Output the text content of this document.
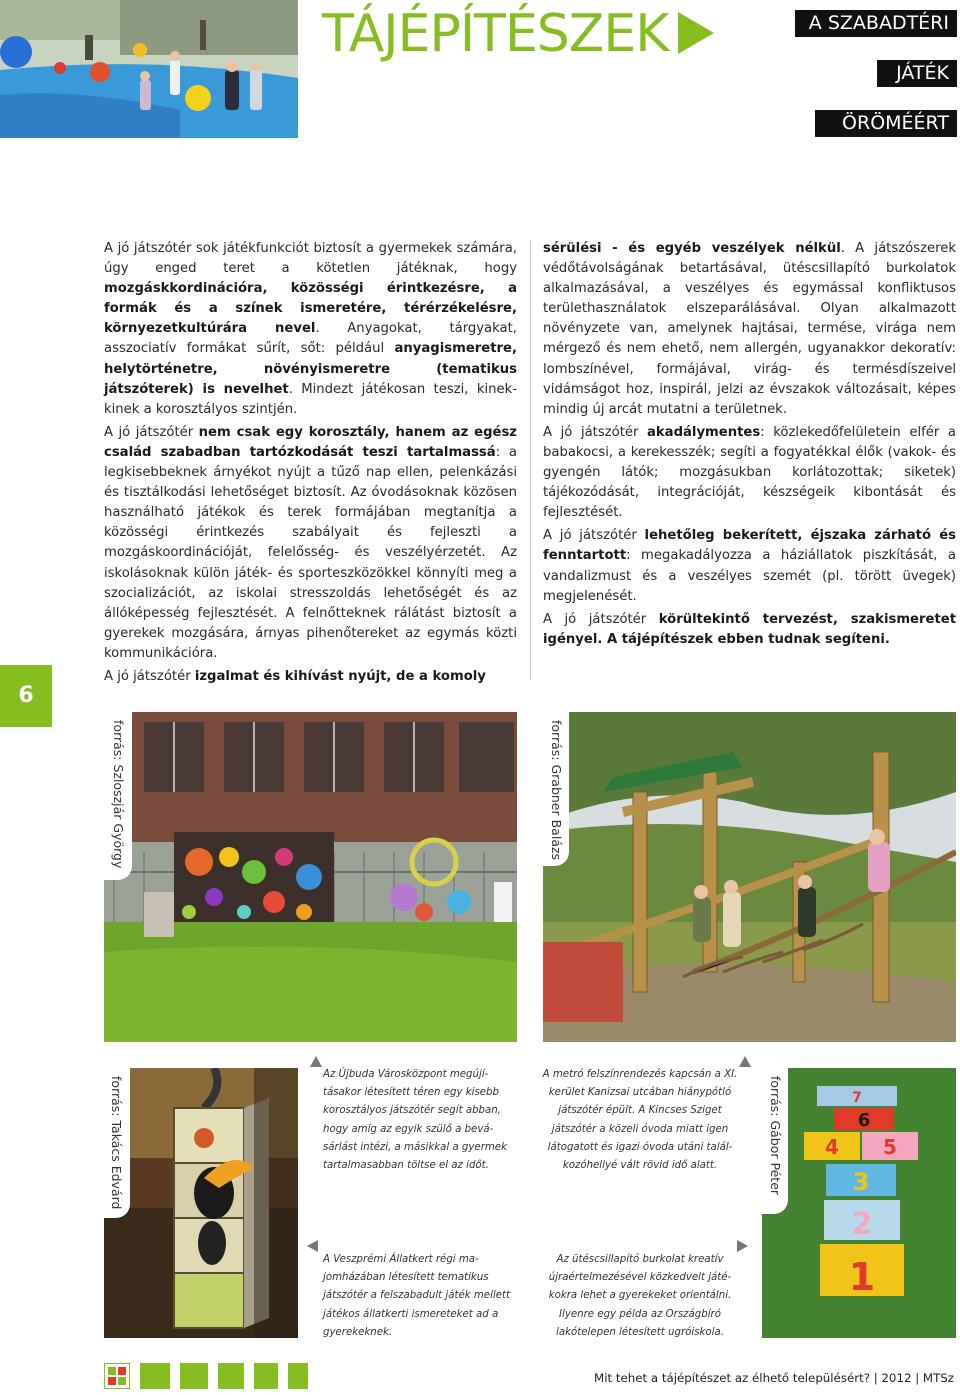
TÁJÉPÍTÉSZEK	A SZABADTÉRI
JÁTÉK
ÖRÖMÉÉRT
6

A jó játszótér sok játékfunkciót biztosít a gyermekek számára, úgy enged teret a kötetlen játéknak, hogy mozgáskkordinációra, közösségi érintkezésre, a formák és a színek ismeretére, térérzékelésre, környezetkultúrára nevel. Anyagokat, tárgyakat, asszociatív formákat sűrít, sőt: például anyagismeretre, helytörténetre, növényismeretre (tematikus játszóterek) is nevelhet. Mindezt játékosan teszi, kinek-kinek a korosztályos szintjén.

A jó játszótér nem csak egy korosztály, hanem az egész család szabadban tartózkodását teszi tartalmassá: a legkisebbeknek árnyékot nyújt a tűző nap ellen, pelenkázási és tisztálkodási lehetőséget biztosít. Az óvodásoknak közösen használható játékok és terek formájában megtanítja a közösségi érintkezés szabályait és fejleszti a mozgáskoordinációját, felelősség- és veszélyérzetét. Az iskolásoknak külön játék- és sporteszközökkel könnyíti meg a szocializációt, az iskolai stresszoldás lehetőségét és az állóképesség fejlesztését. A felnőtteknek rálátást biztosít a gyerekek mozgására, árnyas pihenőtereket az egymás közti kommunikációra.

A jó játszótér izgalmat és kihívást nyújt, de a komoly

sérülési - és egyéb veszélyek nélkül. A játszószerek védőtávolságának betartásával, ütéscsillapító burkolatok alkalmazásával, a veszélyes és egymással konfliktusos területhasználatok elszeparálásával. Olyan alkalmazott növényzete van, amelynek hajtásai, termése, virága nem mérgező és nem ehető, nem allergén, ugyanakkor dekoratív: lombszínével, formájával, virág- és termésdíszeivel vidámságot hoz, inspirál, jelzi az évszakok változásait, képes mindig új arcát mutatni a területnek.

A jó játszótér akadálymentes: közlekedőfelületein elfér a babakocsi, a kerekesszék; segíti a fogyatékkal élők (vakok- és gyengén látók; mozgásukban korlátozottak; siketek) tájékozódását, integrációját, készségeik kibontását és fejlesztését.

A jó játszótér lehetőleg bekerített, éjszaka zárható és fenntartott: megakadályozza a háziállatok piszkítását, a vandalizmust és a veszélyes szemét (pl. törött üvegek) megjelenését.

A jó játszótér körültekintő tervezést, szakismeretet igényel. A tájépítészek ebben tudnak segíteni.

forrás: Szloszjár György	forrás: Grabner Balázs
forrás: Takács Edvárd	7
6
4 5
3
2
1
forrás: Gábor Péter
Az Újbuda Városközpont megújí-
tásakor létesített téren egy kisebb
korosztályos játszótér segít abban,
hogy amíg az egyik szülő a bevá-
sárlást intézi, a másikkal a gyermek
tartalmasabban töltse el az időt.
A metró felszínrendezés kapcsán a XI.
kerület Kanizsai utcában hiánypótló
játszótér épült. A Kincses Sziget
játszótér a közeli óvoda miatt igen
látogatott és igazi óvoda utáni talál-
kozóhellyé vált rövid idő alatt.
A Veszprémi Állatkert régi ma-
jomházában létesített tematikus
játszótér a felszabadult játék mellett
játékos állatkerti ismereteket ad a
gyerekeknek.
Az ütéscsillapító burkolat kreatív
újraértelmezésével közkedvelt játé-
kokra lehet a gyerekeket orientálni.
Ilyenre egy példa az Országbíró
lakótelepen létesített ugróiskola.
Mit tehet a tájépítészet az élhető településért? | 2012 | MTSz
